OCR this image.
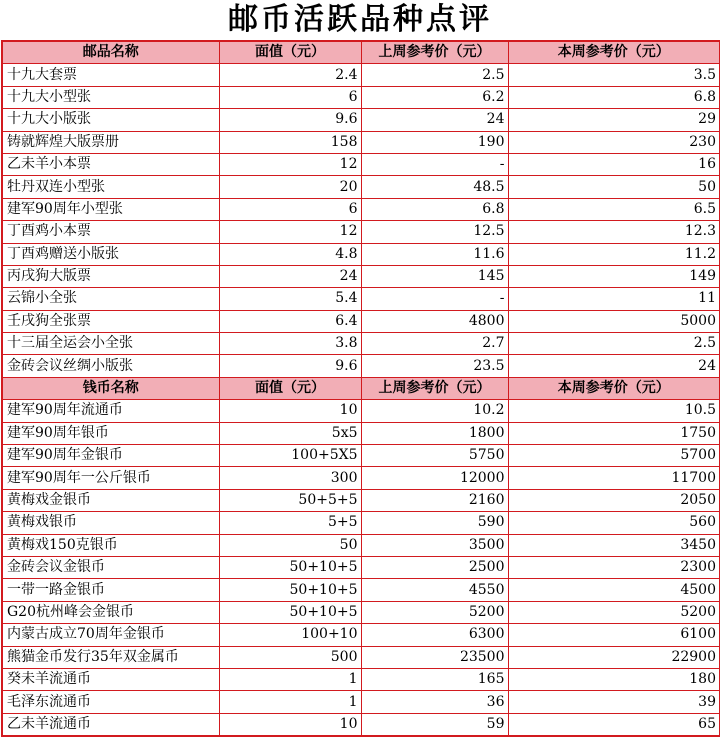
邮币活跃品种点评
邮品名称	面值（元）	上周参考价（元）	本周参考价（元）
十九大套票	2.4	2.5	3.5
十九大小型张	6	6.2	6.8
十九大小版张	9.6	24	29
铸就辉煌大版票册	158	190	230
乙未羊小本票	12	-	16
牡丹双连小型张	20	48.5	50
建军90周年小型张	6	6.8	6.5
丁酉鸡小本票	12	12.5	12.3
丁酉鸡赠送小版张	4.8	11.6	11.2
丙戌狗大版票	24	145	149
云锦小全张	5.4	-	11
壬戌狗全张票	6.4	4800	5000
十三届全运会小全张	3.8	2.7	2.5
金砖会议丝绸小版张	9.6	23.5	24
钱币名称	面值（元）	上周参考价（元）	本周参考价（元）
建军90周年流通币	10	10.2	10.5
建军90周年银币	5x5	1800	1750
建军90周年金银币	100+5X5	5750	5700
建军90周年一公斤银币	300	12000	11700
黄梅戏金银币	50+5+5	2160	2050
黄梅戏银币	5+5	590	560
黄梅戏150克银币	50	3500	3450
金砖会议金银币	50+10+5	2500	2300
一带一路金银币	50+10+5	4550	4500
G20杭州峰会金银币	50+10+5	5200	5200
内蒙古成立70周年金银币	100+10	6300	6100
熊猫金币发行35年双金属币	500	23500	22900
癸未羊流通币	1	165	180
毛泽东流通币	1	36	39
乙未羊流通币	10	59	65
